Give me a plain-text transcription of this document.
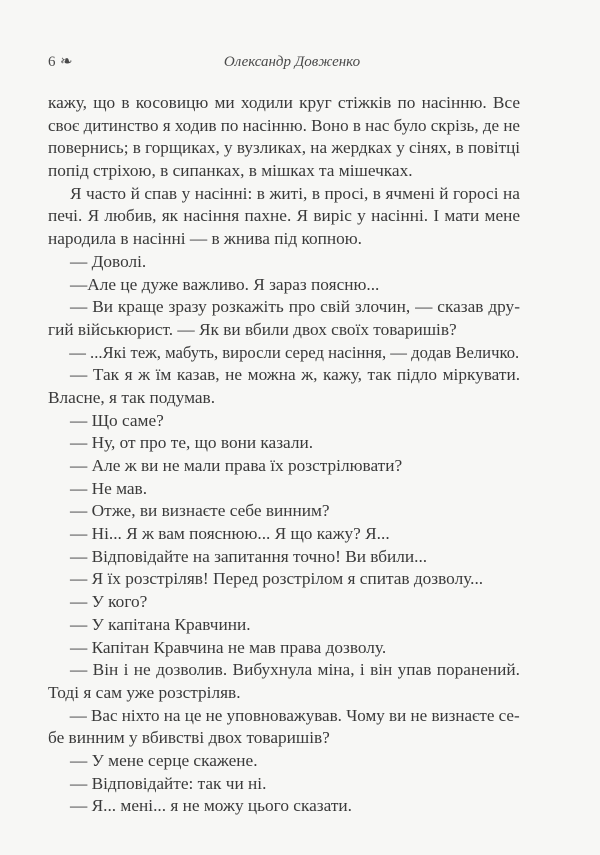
6 ❧	Олександр Довженко
кажу, що в косовицю ми ходили круг стіжків по насінню. Все
своє дитинство я ходив по насінню. Воно в нас було скрізь, де не
повернись; в горщиках, у вузликах, на жердках у сінях, в повітці
попід стріхою, в сипанках, в мішках та мішечках.
Я часто й спав у насінні: в житі, в просі, в ячмені й горосі на
печі. Я любив, як насіння пахне. Я виріс у насінні. І мати мене
народила в насінні — в жнива під копною.
— Доволі.
—Але це дуже важливо. Я зараз поясню...
— Ви краще зразу розкажіть про свій злочин, — сказав дру-
гий військюрист. — Як ви вбили двох своїх товаришів?
— ...Які теж, мабуть, виросли серед насіння, — додав Величко.
— Так я ж їм казав, не можна ж, кажу, так підло міркувати.
Власне, я так подумав.
— Що саме?
— Ну, от про те, що вони казали.
— Але ж ви не мали права їх розстрілювати?
— Не мав.
— Отже, ви визнаєте себе винним?
— Ні... Я ж вам пояснюю... Я що кажу? Я...
— Відповідайте на запитання точно! Ви вбили...
— Я їх розстріляв! Перед розстрілом я спитав дозволу...
— У кого?
— У капітана Кравчини.
— Капітан Кравчина не мав права дозволу.
— Він і не дозволив. Вибухнула міна, і він упав поранений.
Тоді я сам уже розстріляв.
— Вас ніхто на це не уповноважував. Чому ви не визнаєте се-
бе винним у вбивстві двох товаришів?
— У мене серце скажене.
— Відповідайте: так чи ні.
— Я... мені... я не можу цього сказати.
